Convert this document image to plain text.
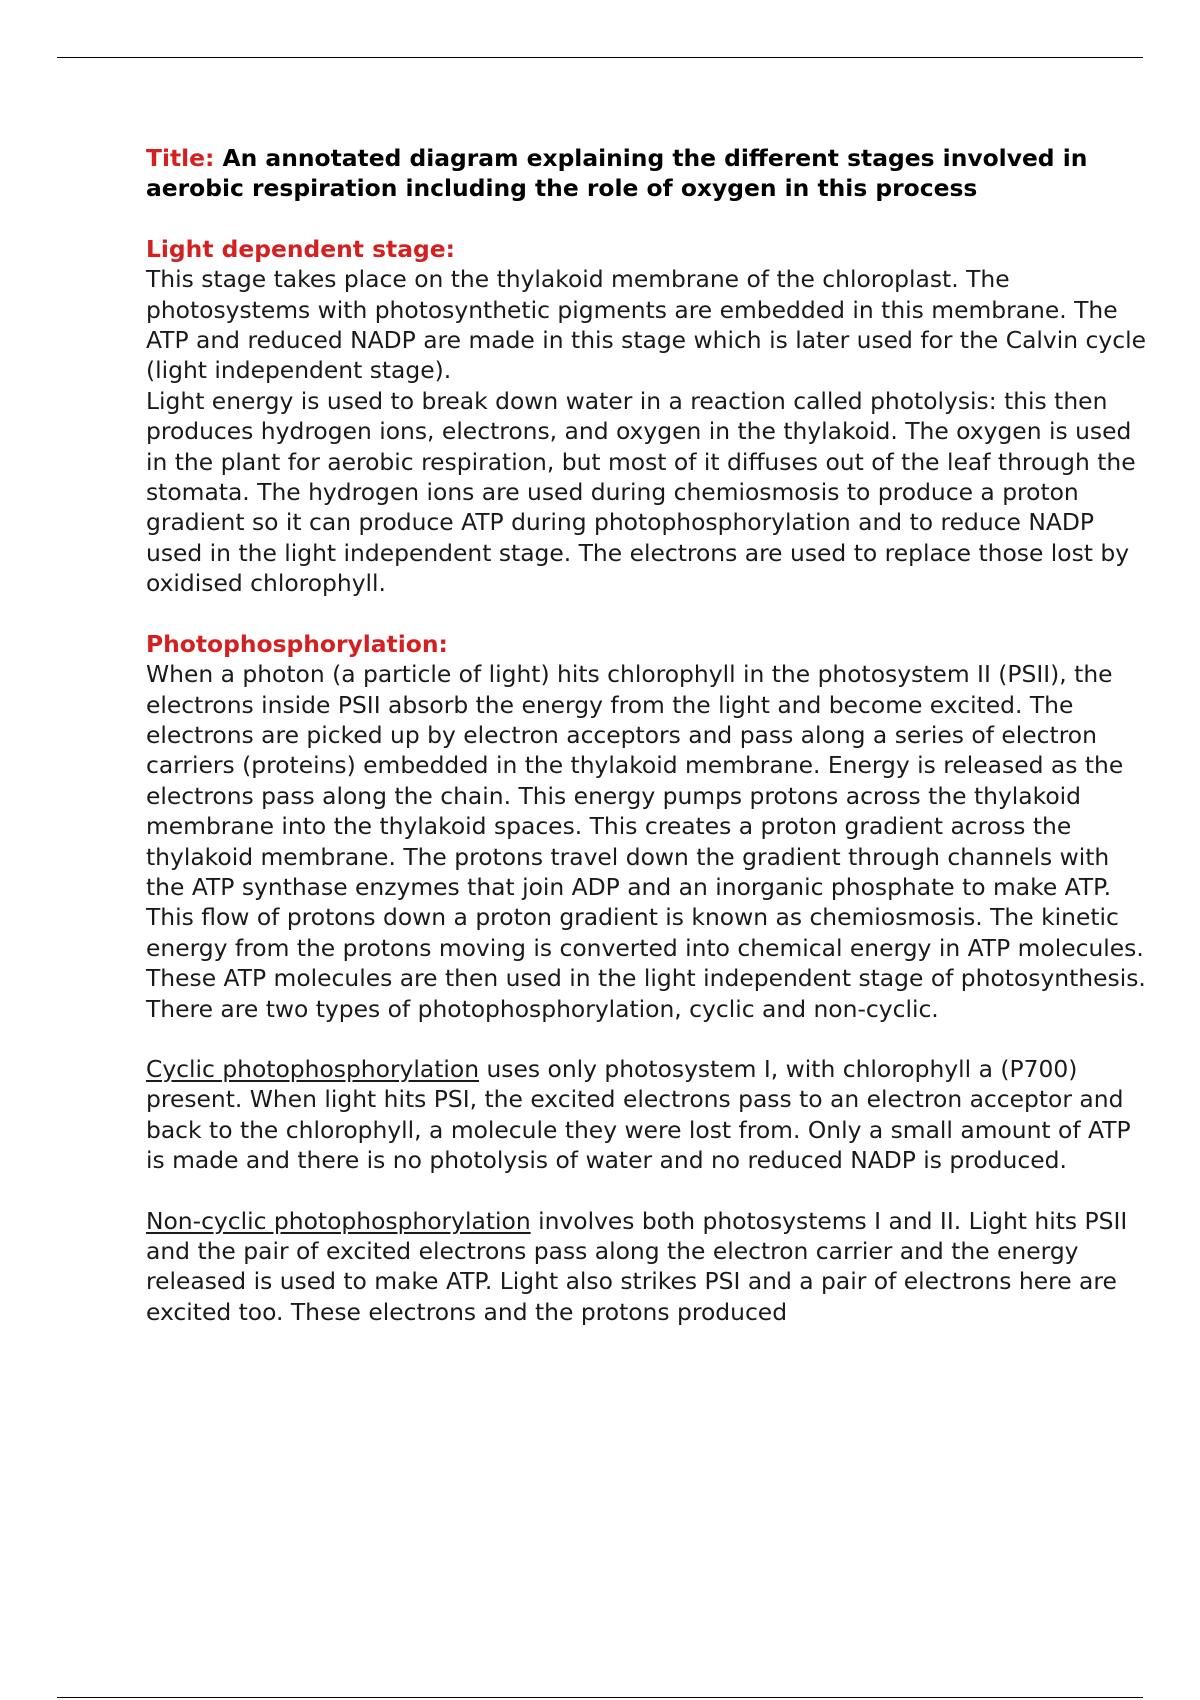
Title: An annotated diagram explaining the different stages involved in aerobic respiration including the role of oxygen in this process

Light dependent stage:

This stage takes place on the thylakoid membrane of the chloroplast. The photosystems with photosynthetic pigments are embedded in this membrane. The ATP and reduced NADP are made in this stage which is later used for the Calvin cycle (light independent stage).

Light energy is used to break down water in a reaction called photolysis: this then produces hydrogen ions, electrons, and oxygen in the thylakoid. The oxygen is used in the plant for aerobic respiration, but most of it diffuses out of the leaf through the stomata. The hydrogen ions are used during chemiosmosis to produce a proton gradient so it can produce ATP during photophosphorylation and to reduce NADP used in the light independent stage. The electrons are used to replace those lost by oxidised chlorophyll.

Photophosphorylation:

When a photon (a particle of light) hits chlorophyll in the photosystem II (PSII), the electrons inside PSII absorb the energy from the light and become excited. The electrons are picked up by electron acceptors and pass along a series of electron carriers (proteins) embedded in the thylakoid membrane. Energy is released as the electrons pass along the chain. This energy pumps protons across the thylakoid membrane into the thylakoid spaces. This creates a proton gradient across the thylakoid membrane. The protons travel down the gradient through channels with the ATP synthase enzymes that join ADP and an inorganic phosphate to make ATP. This flow of protons down a proton gradient is known as chemiosmosis. The kinetic energy from the protons moving is converted into chemical energy in ATP molecules. These ATP molecules are then used in the light independent stage of photosynthesis. There are two types of photophosphorylation, cyclic and non-cyclic.

Cyclic photophosphorylation uses only photosystem I, with chlorophyll a (P700) present. When light hits PSI, the excited electrons pass to an electron acceptor and back to the chlorophyll, a molecule they were lost from. Only a small amount of ATP is made and there is no photolysis of water and no reduced NADP is produced.

Non-cyclic photophosphorylation involves both photosystems I and II. Light hits PSII and the pair of excited electrons pass along the electron carrier and the energy released is used to make ATP. Light also strikes PSI and a pair of electrons here are excited too. These electrons and the protons produced
